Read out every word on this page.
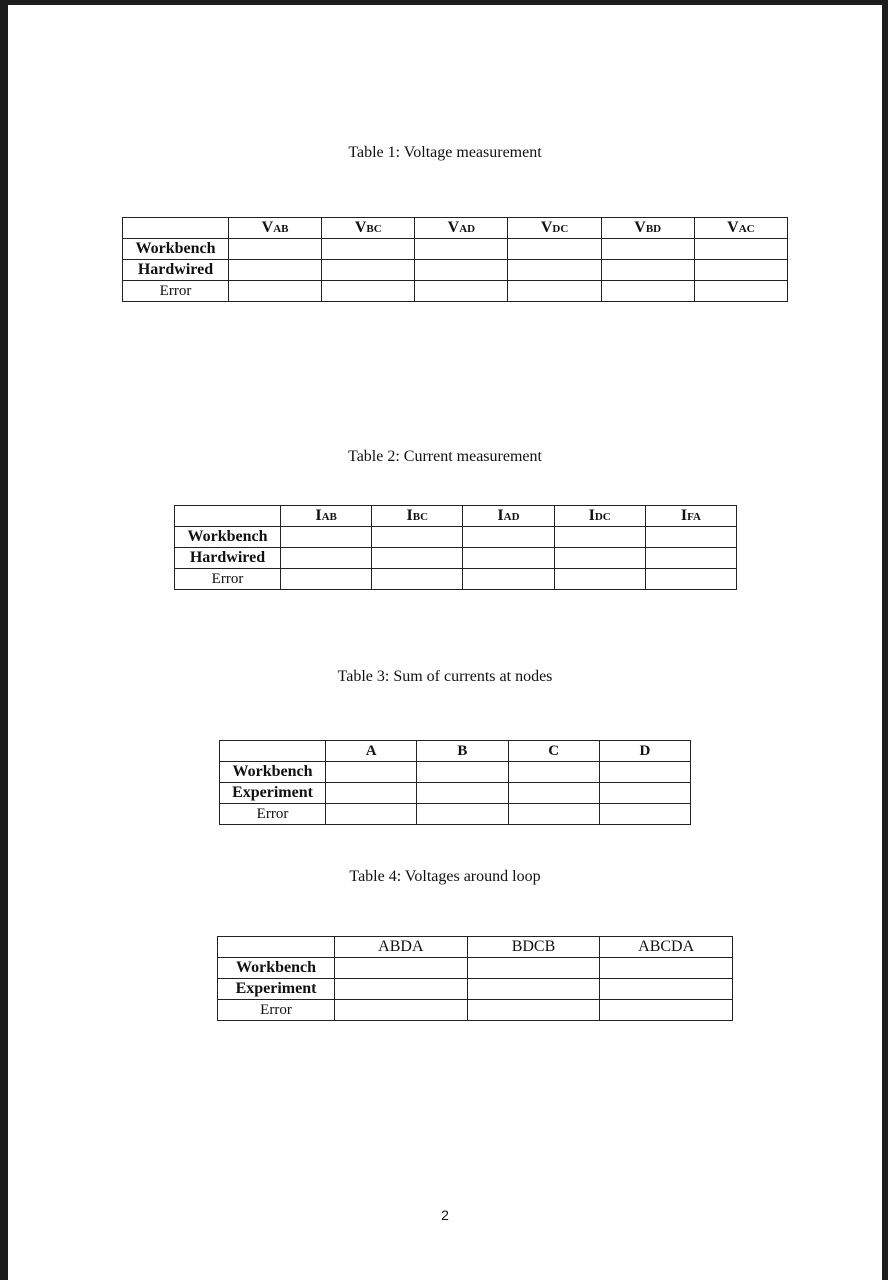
Table 1: Voltage measurement
	VAB	VBC	VAD	VDC	VBD	VAC
Workbench						
Hardwired						
Error						
Table 2: Current measurement
	IAB	IBC	IAD	IDC	IFA
Workbench					
Hardwired					
Error					
Table 3: Sum of currents at nodes
	A	B	C	D
Workbench				
Experiment				
Error				
Table 4: Voltages around loop
	ABDA	BDCB	ABCDA
Workbench			
Experiment			
Error			
2
